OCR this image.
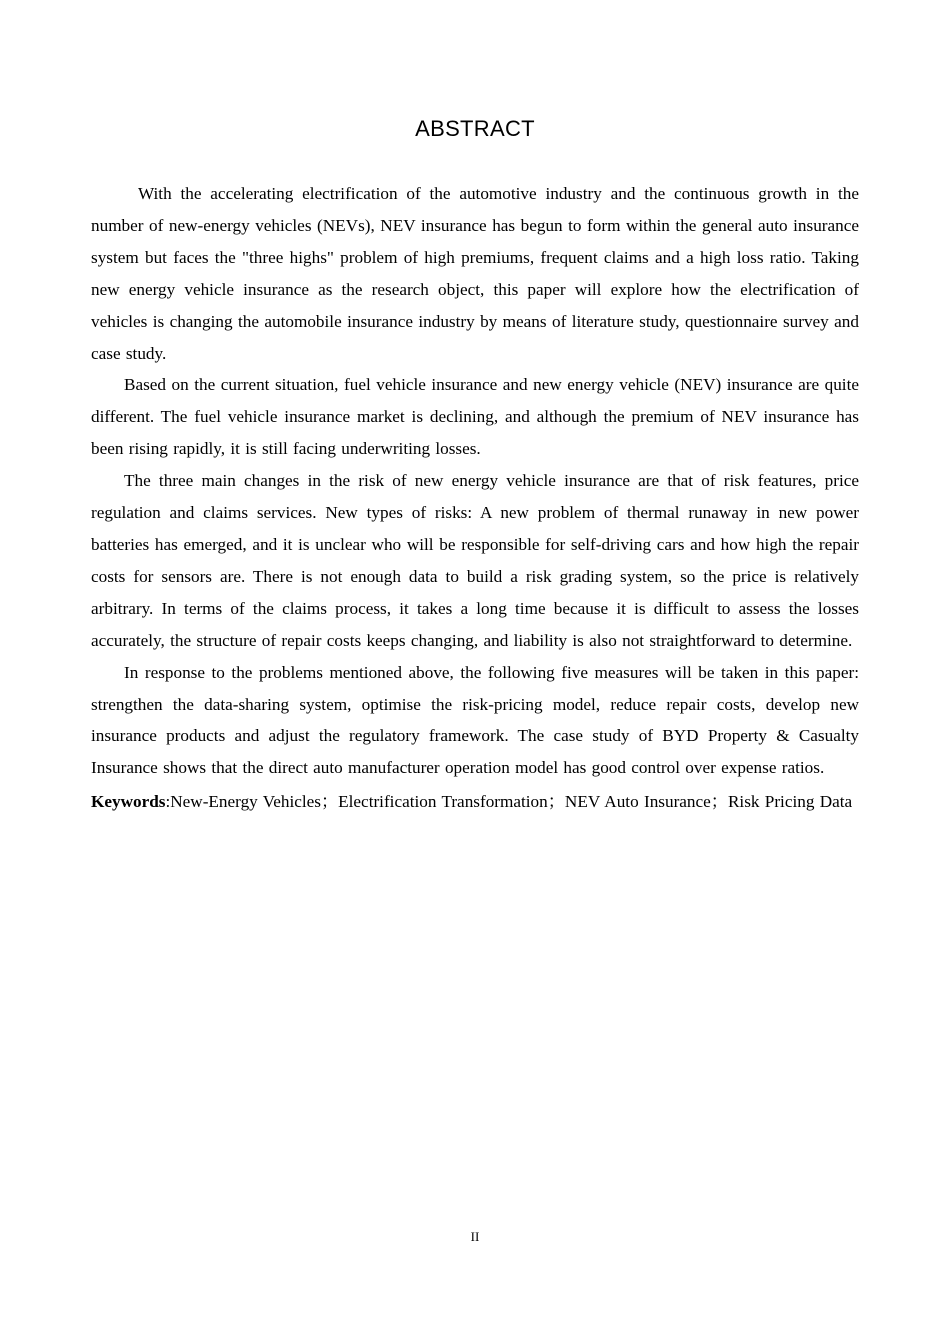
ABSTRACT

With the accelerating electrification of the automotive industry and the continuous growth in the number of new-energy vehicles (NEVs), NEV insurance has begun to form within the general auto insurance system but faces the "three highs" problem of high premiums, frequent claims and a high loss ratio. Taking new energy vehicle insurance as the research object, this paper will explore how the electrification of vehicles is changing the automobile insurance industry by means of literature study, questionnaire survey and case study.

Based on the current situation, fuel vehicle insurance and new energy vehicle (NEV) insurance are quite different. The fuel vehicle insurance market is declining, and although the premium of NEV insurance has been rising rapidly, it is still facing underwriting losses.

The three main changes in the risk of new energy vehicle insurance are that of risk features, price regulation and claims services. New types of risks: A new problem of thermal runaway in new power batteries has emerged, and it is unclear who will be responsible for self-driving cars and how high the repair costs for sensors are. There is not enough data to build a risk grading system, so the price is relatively arbitrary. In terms of the claims process, it takes a long time because it is difficult to assess the losses accurately, the structure of repair costs keeps changing, and liability is also not straightforward to determine.

In response to the problems mentioned above, the following five measures will be taken in this paper: strengthen the data-sharing system, optimise the risk-pricing model, reduce repair costs, develop new insurance products and adjust the regulatory framework. The case study of BYD Property & Casualty Insurance shows that the direct auto manufacturer operation model has good control over expense ratios.

Keywords:New-Energy Vehicles；Electrification Transformation；NEV Auto Insurance；Risk Pricing Data

II
